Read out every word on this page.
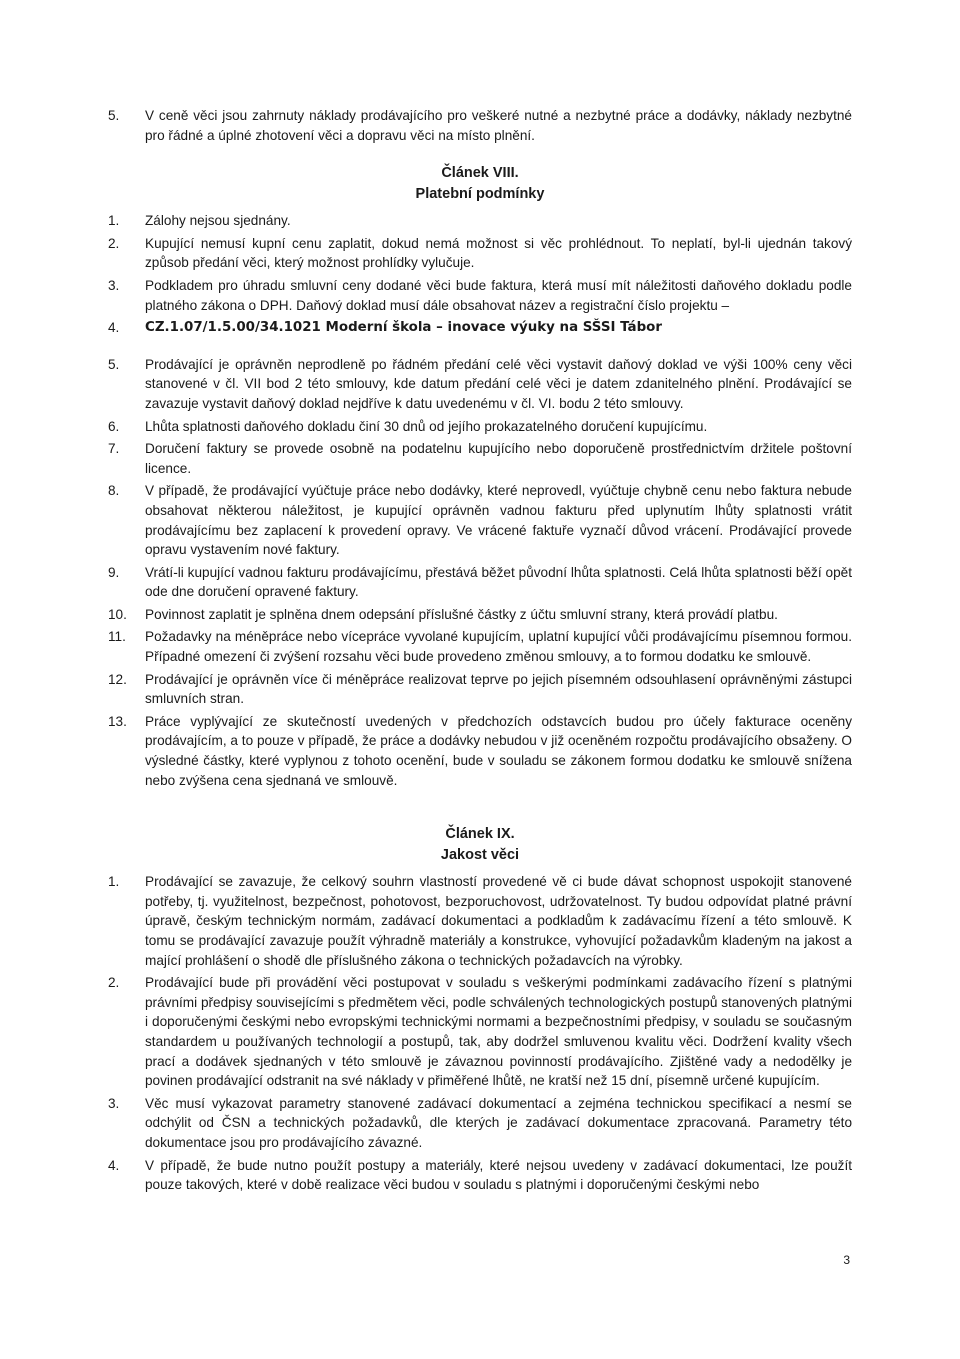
5.	V ceně věci jsou zahrnuty náklady prodávajícího pro veškeré nutné a nezbytné práce a dodávky, náklady nezbytné pro řádné a úplné zhotovení věci a dopravu věci na místo plnění.

Článek VIII.

Platební podmínky

1.	Zálohy nejsou sjednány.
2.	Kupující nemusí kupní cenu zaplatit, dokud nemá možnost si věc prohlédnout. To neplatí, byl-li ujednán takový způsob předání věci, který možnost prohlídky vylučuje.
3.	Podkladem pro úhradu smluvní ceny dodané věci bude faktura, která musí mít náležitosti daňového dokladu podle platného zákona o DPH. Daňový doklad musí dále obsahovat název a registrační číslo projektu –
4.	CZ.1.07/1.5.00/34.1021 Moderní škola – inovace výuky na SŠSI Tábor
5.	Prodávající je oprávněn neprodleně po řádném předání celé věci vystavit daňový doklad ve výši 100% ceny věci stanovené v čl. VII bod 2 této smlouvy, kde datum předání celé věci je datem zdanitelného plnění. Prodávající se zavazuje vystavit daňový doklad nejdříve k datu uvedenému v čl. VI. bodu 2 této smlouvy.
6.	Lhůta splatnosti daňového dokladu činí 30 dnů od jejího prokazatelného doručení kupujícímu.
7.	Doručení faktury se provede osobně na podatelnu kupujícího nebo doporučeně prostřednictvím držitele poštovní licence.
8.	V případě, že prodávající vyúčtuje práce nebo dodávky, které neprovedl, vyúčtuje chybně cenu nebo faktura nebude obsahovat některou náležitost, je kupující oprávněn vadnou fakturu před uplynutím lhůty splatnosti vrátit prodávajícímu bez zaplacení k provedení opravy. Ve vrácené faktuře vyznačí důvod vrácení. Prodávající provede opravu vystavením nové faktury.
9.	Vrátí-li kupující vadnou fakturu prodávajícímu, přestává běžet původní lhůta splatnosti. Celá lhůta splatnosti běží opět ode dne doručení opravené faktury.
10.	Povinnost zaplatit je splněna dnem odepsání příslušné částky z účtu smluvní strany, která provádí platbu.
11.	Požadavky na méněpráce nebo vícepráce vyvolané kupujícím, uplatní kupující vůči prodávajícímu písemnou formou. Případné omezení či zvýšení rozsahu věci bude provedeno změnou smlouvy, a to formou dodatku ke smlouvě.
12.	Prodávající je oprávněn více či méněpráce realizovat teprve po jejich písemném odsouhlasení oprávněnými zástupci smluvních stran.
13.	Práce vyplývající ze skutečností uvedených v předchozích odstavcích budou pro účely fakturace oceněny prodávajícím, a to pouze v případě, že práce a dodávky nebudou v již oceněném rozpočtu prodávajícího obsaženy. O výsledné částky, které vyplynou z tohoto ocenění, bude v souladu se zákonem formou dodatku ke smlouvě snížena nebo zvýšena cena sjednaná ve smlouvě.

Článek IX.

Jakost věci

1.	Prodávající se zavazuje, že celkový souhrn vlastností provedené vě ci bude dávat schopnost uspokojit stanovené potřeby, tj. využitelnost, bezpečnost, pohotovost, bezporuchovost, udržovatelnost. Ty budou odpovídat platné právní úpravě, českým technickým normám, zadávací dokumentaci a podkladům k zadávacímu řízení a této smlouvě. K tomu se prodávající zavazuje použít výhradně materiály a konstrukce, vyhovující požadavkům kladeným na jakost a mající prohlášení o shodě dle příslušného zákona o technických požadavcích na výrobky.
2.	Prodávající bude při provádění věci postupovat v souladu s veškerými podmínkami zadávacího řízení s platnými právními předpisy souvisejícími s předmětem věci, podle schválených technologických postupů stanovených platnými i doporučenými českými nebo evropskými technickými normami a bezpečnostními předpisy, v souladu se současným standardem u používaných technologií a postupů, tak, aby dodržel smluvenou kvalitu věci. Dodržení kvality všech prací a dodávek sjednaných v této smlouvě je závaznou povinností prodávajícího. Zjištěné vady a nedodělky je povinen prodávající odstranit na své náklady v přiměřené lhůtě, ne kratší než 15 dní, písemně určené kupujícím.
3.	Věc musí vykazovat parametry stanovené zadávací dokumentací a zejména technickou specifikací a nesmí se odchýlit od ČSN a technických požadavků, dle kterých je zadávací dokumentace zpracovaná. Parametry této dokumentace jsou pro prodávajícího závazné.
4.	V případě, že bude nutno použít postupy a materiály, které nejsou uvedeny v zadávací dokumentaci, lze použít pouze takových, které v době realizace věci budou v souladu s platnými i doporučenými českými nebo
3
